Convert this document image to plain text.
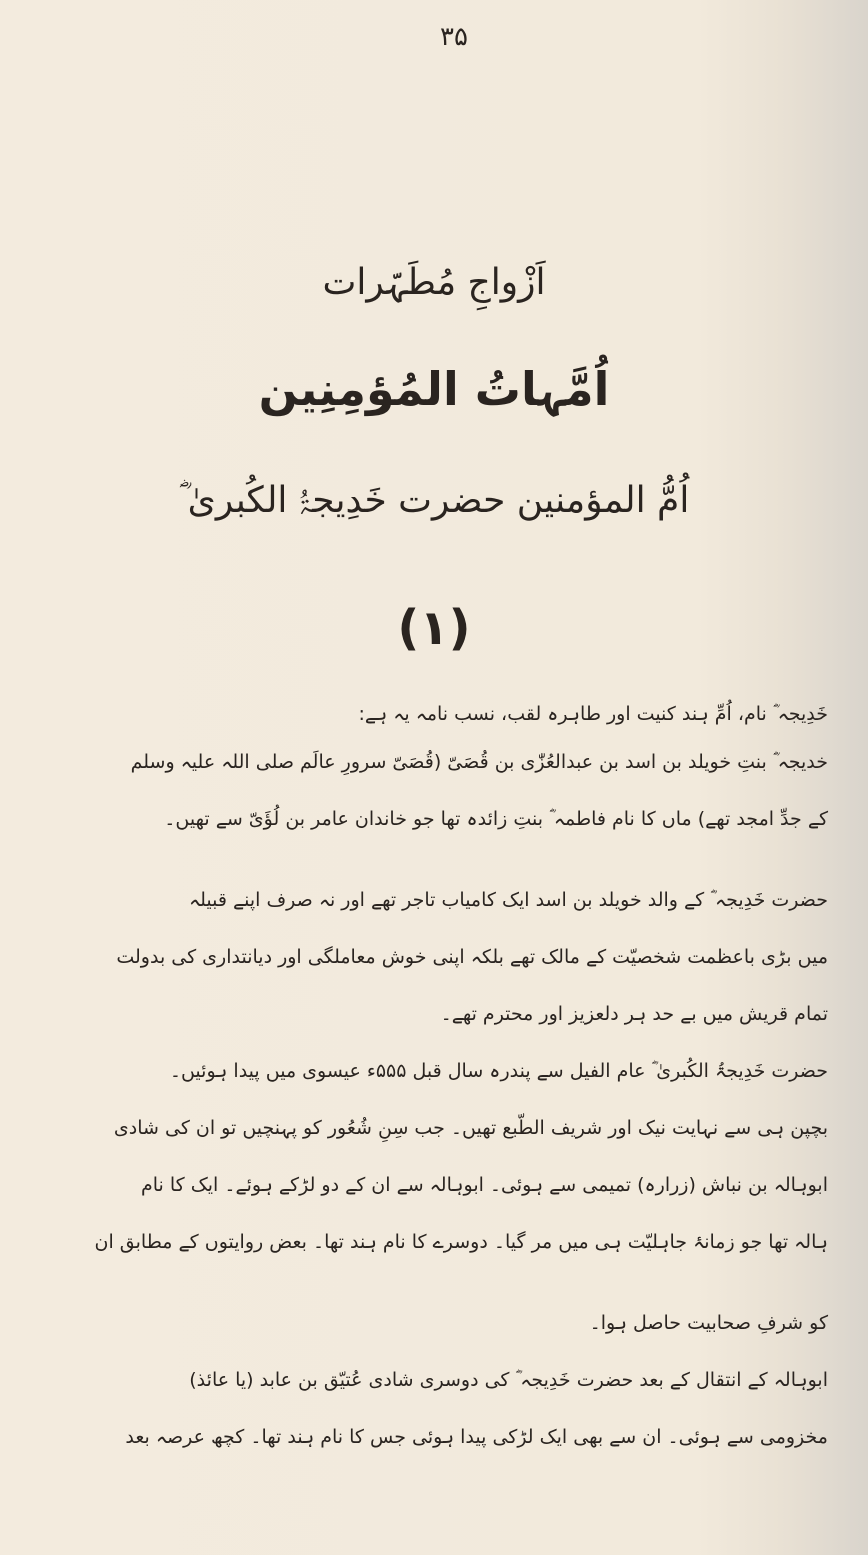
۳۵
اَزْواجِ مُطَہّرات
اُمَّہاتُ المُؤمِنِین
اُمُّ المؤمنین حضرت خَدِیجۃُ الکُبریٰ ؓ
(۱)
خَدِیجہ ؓ نام، اُمِّ ہند کنیت اور طاہرہ لقب، نسب نامہ یہ ہے:
خدیجہ ؓ بنتِ خویلد بن اسد بن عبدالعُزّٰی بن قُصَیّ (قُصَیّ سرورِ عالَم صلی اللہ علیہ وسلم
کے جدِّ امجد تھے) ماں کا نام فاطمہ ؓ بنتِ زائدہ تھا جو خاندان عامر بن لُؤَیّ سے تھیں۔
حضرت خَدِیجہ ؓ کے والد خویلد بن اسد ایک کامیاب تاجر تھے اور نہ صرف اپنے قبیلہ
میں بڑی باعظمت شخصیّت کے مالک تھے بلکہ اپنی خوش معاملگی اور دیانتداری کی بدولت
تمام قریش میں بے حد ہر دلعزیز اور محترم تھے۔
حضرت خَدِیجۃُ الکُبریٰ ؓ عام الفیل سے پندرہ سال قبل ۵۵۵ء عیسوی میں پیدا ہوئیں۔
بچپن ہی سے نہایت نیک اور شریف الطّبع تھیں۔ جب سِنِ شُعُور کو پہنچیں تو ان کی شادی
ابوہالہ بن نباش (زرارہ) تمیمی سے ہوئی۔ ابوہالہ سے ان کے دو لڑکے ہوئے۔ ایک کا نام
ہالہ تھا جو زمانۂ جاہلیّت ہی میں مر گیا۔ دوسرے کا نام ہند تھا۔ بعض روایتوں کے مطابق ان
کو شرفِ صحابیت حاصل ہوا۔
ابوہالہ کے انتقال کے بعد حضرت خَدِیجہ ؓ کی دوسری شادی عُتیّق بن عابد (یا عائذ)
مخزومی سے ہوئی۔ ان سے بھی ایک لڑکی پیدا ہوئی جس کا نام ہند تھا۔ کچھ عرصہ بعد
